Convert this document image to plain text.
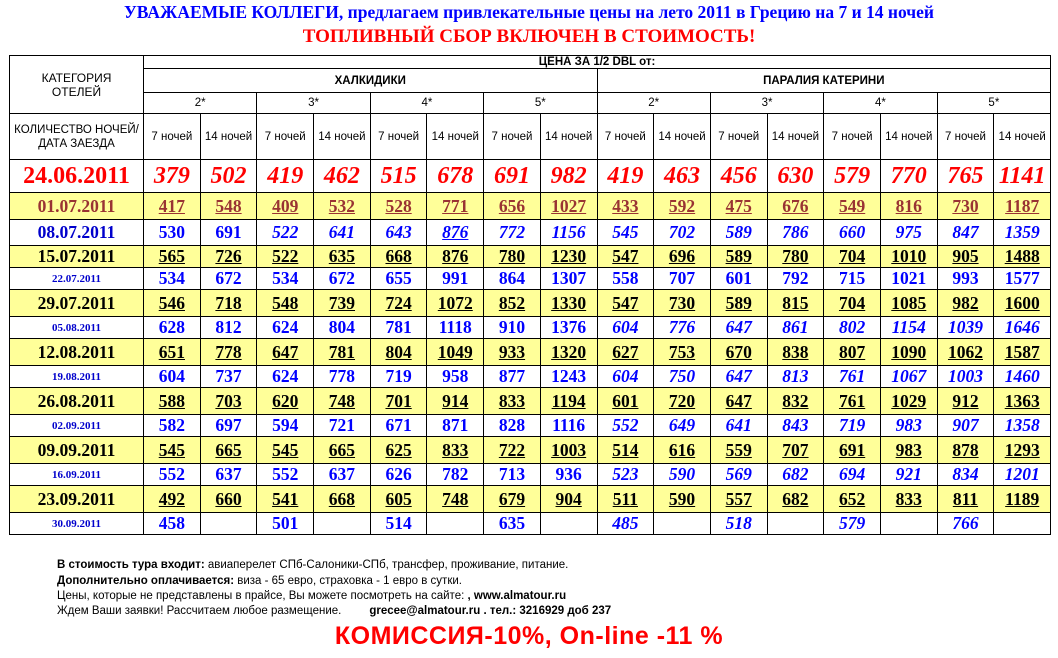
УВАЖАЕМЫЕ КОЛЛЕГИ, предлагаем привлекательные цены на лето 2011 в Грецию на 7 и 14 ночей
ТОПЛИВНЫЙ СБОР ВКЛЮЧЕН В СТОИМОСТЬ!
КАТЕГОРИЯ ОТЕЛЕЙ	ЦЕНА ЗА 1/2 DBL от:															
	ХАЛКИДИКИ								ПАРАЛИЯ КАТЕРИНИ							
	2*		3*		4*		5*		2*		3*		4*		5*	
КОЛИЧЕСТВО НОЧЕЙ/ ДАТА ЗАЕЗДА	7 ночей	14 ночей	7 ночей	14 ночей	7 ночей	14 ночей	7 ночей	14 ночей	7 ночей	14 ночей	7 ночей	14 ночей	7 ночей	14 ночей	7 ночей	14 ночей
24.06.2011	379	502	419	462	515	678	691	982	419	463	456	630	579	770	765	1141
01.07.2011	417	548	409	532	528	771	656	1027	433	592	475	676	549	816	730	1187
08.07.2011	530	691	522	641	643	876	772	1156	545	702	589	786	660	975	847	1359
15.07.2011	565	726	522	635	668	876	780	1230	547	696	589	780	704	1010	905	1488
22.07.2011	534	672	534	672	655	991	864	1307	558	707	601	792	715	1021	993	1577
29.07.2011	546	718	548	739	724	1072	852	1330	547	730	589	815	704	1085	982	1600
05.08.2011	628	812	624	804	781	1118	910	1376	604	776	647	861	802	1154	1039	1646
12.08.2011	651	778	647	781	804	1049	933	1320	627	753	670	838	807	1090	1062	1587
19.08.2011	604	737	624	778	719	958	877	1243	604	750	647	813	761	1067	1003	1460
26.08.2011	588	703	620	748	701	914	833	1194	601	720	647	832	761	1029	912	1363
02.09.2011	582	697	594	721	671	871	828	1116	552	649	641	843	719	983	907	1358
09.09.2011	545	665	545	665	625	833	722	1003	514	616	559	707	691	983	878	1293
16.09.2011	552	637	552	637	626	782	713	936	523	590	569	682	694	921	834	1201
23.09.2011	492	660	541	668	605	748	679	904	511	590	557	682	652	833	811	1189
30.09.2011	458		501		514		635		485		518		579		766	
В стоимость тура входит: авиаперелет СПб-Салоники-СПб, трансфер, проживание, питание.
Дополнительно оплачивается: виза - 65 евро, страховка - 1 евро в сутки.
Цены, которые не представлены в прайсе, Вы можете посмотреть на сайте: , www.almatour.ru
Ждем Ваши заявки! Рассчитаем любое размещение. grecee@almatour.ru . тел.: 3216929 доб 237
КОМИССИЯ-10%, On-line -11 %
